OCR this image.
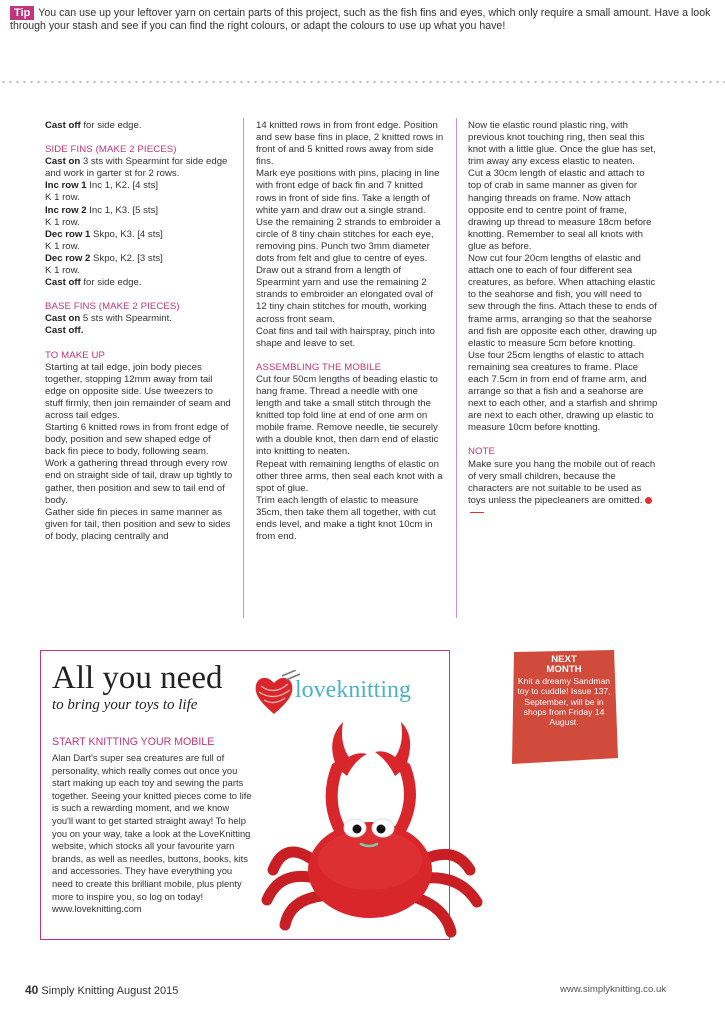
Tip You can use up your leftover yarn on certain parts of this project, such as the fish fins and eyes, which only require a small amount. Have a look through your stash and see if you can find the right colours, or adapt the colours to use up what you have!

Cast off for side edge.

SIDE FINS (MAKE 2 PIECES)

Cast on 3 sts with Spearmint for side edge and work in garter st for 2 rows.

Inc row 1 Inc 1, K2. [4 sts]

K 1 row.

Inc row 2 Inc 1, K3. [5 sts]

K 1 row.

Dec row 1 Skpo, K3. [4 sts]

K 1 row.

Dec row 2 Skpo, K2. [3 sts]

K 1 row.

Cast off for side edge.

BASE FINS (MAKE 2 PIECES)

Cast on 5 sts with Spearmint.

Cast off.

TO MAKE UP

Starting at tail edge, join body pieces together, stopping 12mm away from tail edge on opposite side. Use tweezers to stuff firmly, then join remainder of seam and across tail edges.

Starting 6 knitted rows in from front edge of body, position and sew shaped edge of back fin piece to body, following seam.

Work a gathering thread through every row end on straight side of tail, draw up tightly to gather, then position and sew to tail end of body.

Gather side fin pieces in same manner as given for tail, then position and sew to sides of body, placing centrally and

14 knitted rows in from front edge. Position and sew base fins in place, 2 knitted rows in front of and 5 knitted rows away from side fins.

Mark eye positions with pins, placing in line with front edge of back fin and 7 knitted rows in front of side fins. Take a length of white yarn and draw out a single strand. Use the remaining 2 strands to embroider a circle of 8 tiny chain stitches for each eye, removing pins. Punch two 3mm diameter dots from felt and glue to centre of eyes.

Draw out a strand from a length of Spearmint yarn and use the remaining 2 strands to embroider an elongated oval of 12 tiny chain stitches for mouth, working across front seam.

Coat fins and tail with hairspray, pinch into shape and leave to set.

ASSEMBLING THE MOBILE

Cut four 50cm lengths of beading elastic to hang frame. Thread a needle with one length and take a small stitch through the knitted top fold line at end of one arm on mobile frame. Remove needle, tie securely with a double knot, then darn end of elastic into knitting to neaten.

Repeat with remaining lengths of elastic on other three arms, then seal each knot with a spot of glue.

Trim each length of elastic to measure 35cm, then take them all together, with cut ends level, and make a tight knot 10cm in from end.

Now tie elastic round plastic ring, with previous knot touching ring, then seal this knot with a little glue. Once the glue has set, trim away any excess elastic to neaten.

Cut a 30cm length of elastic and attach to top of crab in same manner as given for hanging threads on frame. Now attach opposite end to centre point of frame, drawing up thread to measure 18cm before knotting. Remember to seal all knots with glue as before.

Now cut four 20cm lengths of elastic and attach one to each of four different sea creatures, as before. When attaching elastic to the seahorse and fish, you will need to sew through the fins. Attach these to ends of frame arms, arranging so that the seahorse and fish are opposite each other, drawing up elastic to measure 5cm before knotting.

Use four 25cm lengths of elastic to attach remaining sea creatures to frame. Place each 7.5cm in from end of frame arm, and arrange so that a fish and a seahorse are next to each other, and a starfish and shrimp are next to each other, drawing up elastic to measure 10cm before knotting.

NOTE

Make sure you hang the mobile out of reach of very small children, because the characters are not suitable to be used as toys unless the pipecleaners are omitted.

All you need
to bring your toys to life
loveknitting
START KNITTING YOUR MOBILE
Alan Dart's super sea creatures are full of personality, which really comes out once you start making up each toy and sewing the parts together. Seeing your knitted pieces come to life is such a rewarding moment, and we know you'll want to get started straight away! To help you on your way, take a look at the LoveKnitting website, which stocks all your favourite yarn brands, as well as needles, buttons, books, kits and accessories. They have everything you need to create this brilliant mobile, plus plenty more to inspire you, so log on today! www.loveknitting.com
NEXT
MONTH
Knit a dreamy Sandman toy to cuddle! Issue 137, September, will be in shops from Friday 14 August.
40 Simply Knitting August 2015	www.simplyknitting.co.uk
